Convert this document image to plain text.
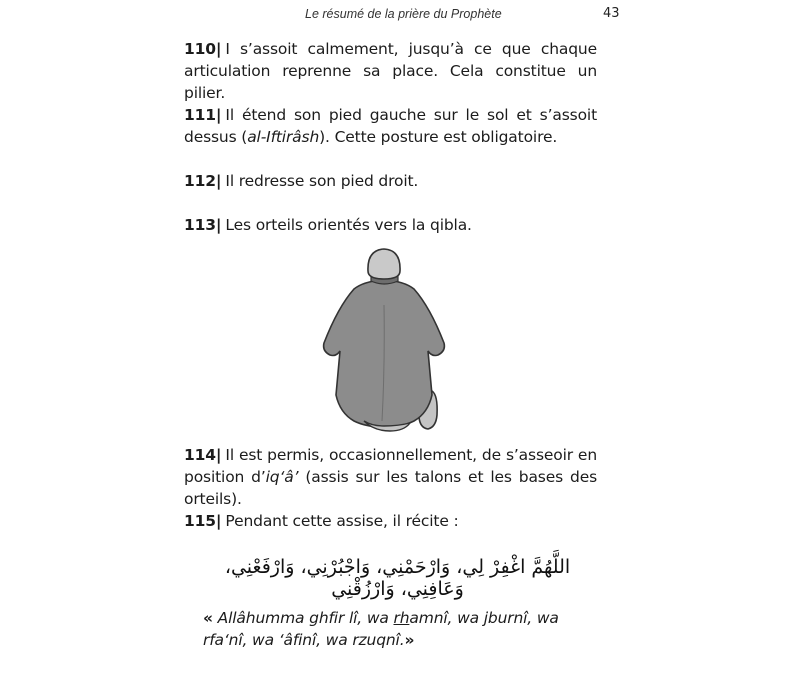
Le résumé de la prière du Prophète	43

110| I s’assoit calmement, jusqu’à ce que chaque articulation reprenne sa place. Cela constitue un pilier.

111| Il étend son pied gauche sur le sol et s’assoit dessus (al-Iftirâsh). Cette posture est obligatoire.

112| Il redresse son pied droit.

113| Les orteils orientés vers la qibla.

114| Il est permis, occasionnellement, de s’asseoir en position d’iq‘â’ (assis sur les talons et les bases des orteils).

115| Pendant cette assise, il récite :

اللَّهُمَّ اغْفِرْ لِي، وَارْحَمْنِي، وَاجْبُرْنِي، وَارْفَعْنِي، وَعَافِنِي، وَارْزُقْنِي

« Allâhumma ghfir lî, wa rhamnî, wa jburnî, wa rfa‘nî, wa ‘âfinî, wa rzuqnî.»
